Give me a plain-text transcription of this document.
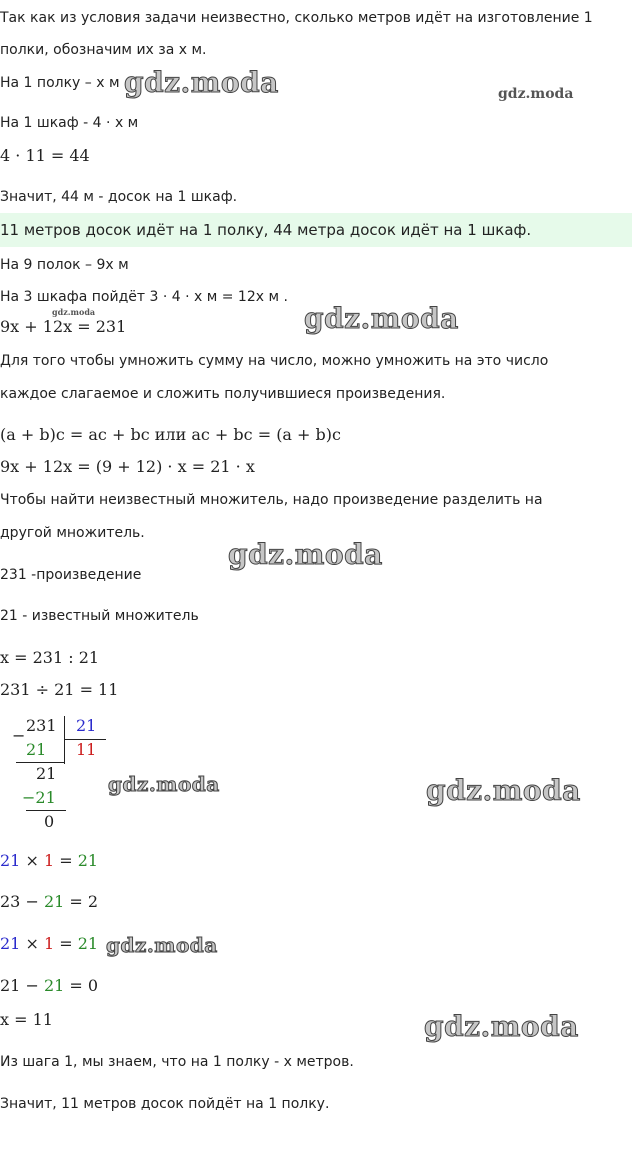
Так как из условия задачи неизвестно, сколько метров идёт на изготовление 1
полки, обозначим их за x м.
На 1 полку – x м
На 1 шкаф - 4 · x м
4 · 11 = 44
Значит, 44 м - досок на 1 шкаф.
11 метров досок идёт на 1 полку, 44 метра досок идёт на 1 шкаф.
На 9 полок – 9x м
На 3 шкафа пойдёт 3 · 4 · x м = 12x м .
9x + 12x = 231
Для того чтобы умножить сумму на число, можно умножить на это число
каждое слагаемое и сложить получившиеся произведения.
(a + b)c = ac + bc или ac + bc = (a + b)c
9x + 12x = (9 + 12) · x = 21 · x
Чтобы найти неизвестный множитель, надо произведение разделить на
другой множитель.
231 -произведение
21 - известный множитель
x = 231 : 21
231 ÷ 21 = 11
−
231 21
21 11
21
−21
0
21 × 1 = 21
23 − 21 = 2
21 × 1 = 21
21 − 21 = 0
x = 11
Из шага 1, мы знаем, что на 1 полку - x метров.
Значит, 11 метров досок пойдёт на 1 полку.
gdz.moda	gdz.moda
gdz.moda	gdz.moda
gdz.moda
gdz.moda	gdz.moda
gdz.moda
gdz.moda
